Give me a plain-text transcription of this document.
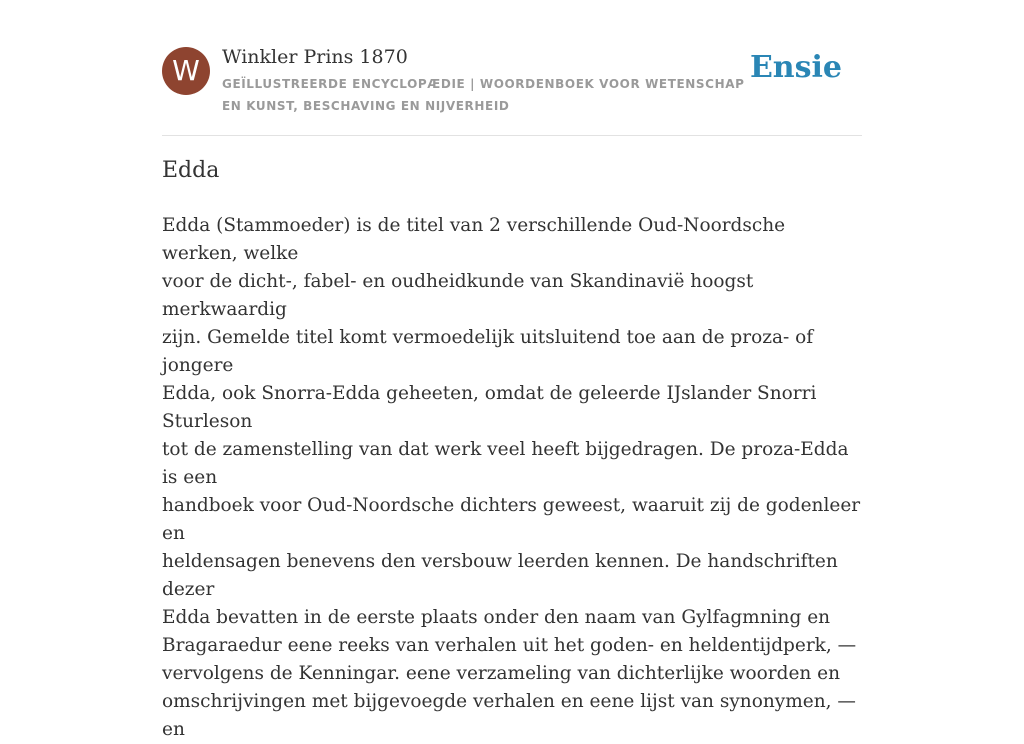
W	Winkler Prins 1870
GEÏLLUSTREERDE ENCYCLOPÆDIE | WOORDENBOEK VOOR WETENSCHAP EN KUNST, BESCHAVING EN NIJVERHEID
Ensie
Edda

Edda (Stammoeder) is de titel van 2 verschillende Oud-Noordsche werken, welke
voor de dicht-, fabel- en oudheidkunde van Skandinavië hoogst merkwaardig
zijn. Gemelde titel komt vermoedelijk uitsluitend toe aan de proza- of jongere
Edda, ook Snorra-Edda geheeten, omdat de geleerde IJslander Snorri Sturleson
tot de zamenstelling van dat werk veel heeft bijgedragen. De proza-Edda is een
handboek voor Oud-Noordsche dichters geweest, waaruit zij de godenleer en
heldensagen benevens den versbouw leerden kennen. De handschriften dezer
Edda bevatten in de eerste plaats onder den naam van Gylfagmning en
Bragaraedur eene reeks van verhalen uit het goden- en heldentijdperk, —
vervolgens de Kenningar. eene verzameling van dichterlijke woorden en
omschrijvingen met bijgevoegde verhalen en eene lijst van synonymen, — en
